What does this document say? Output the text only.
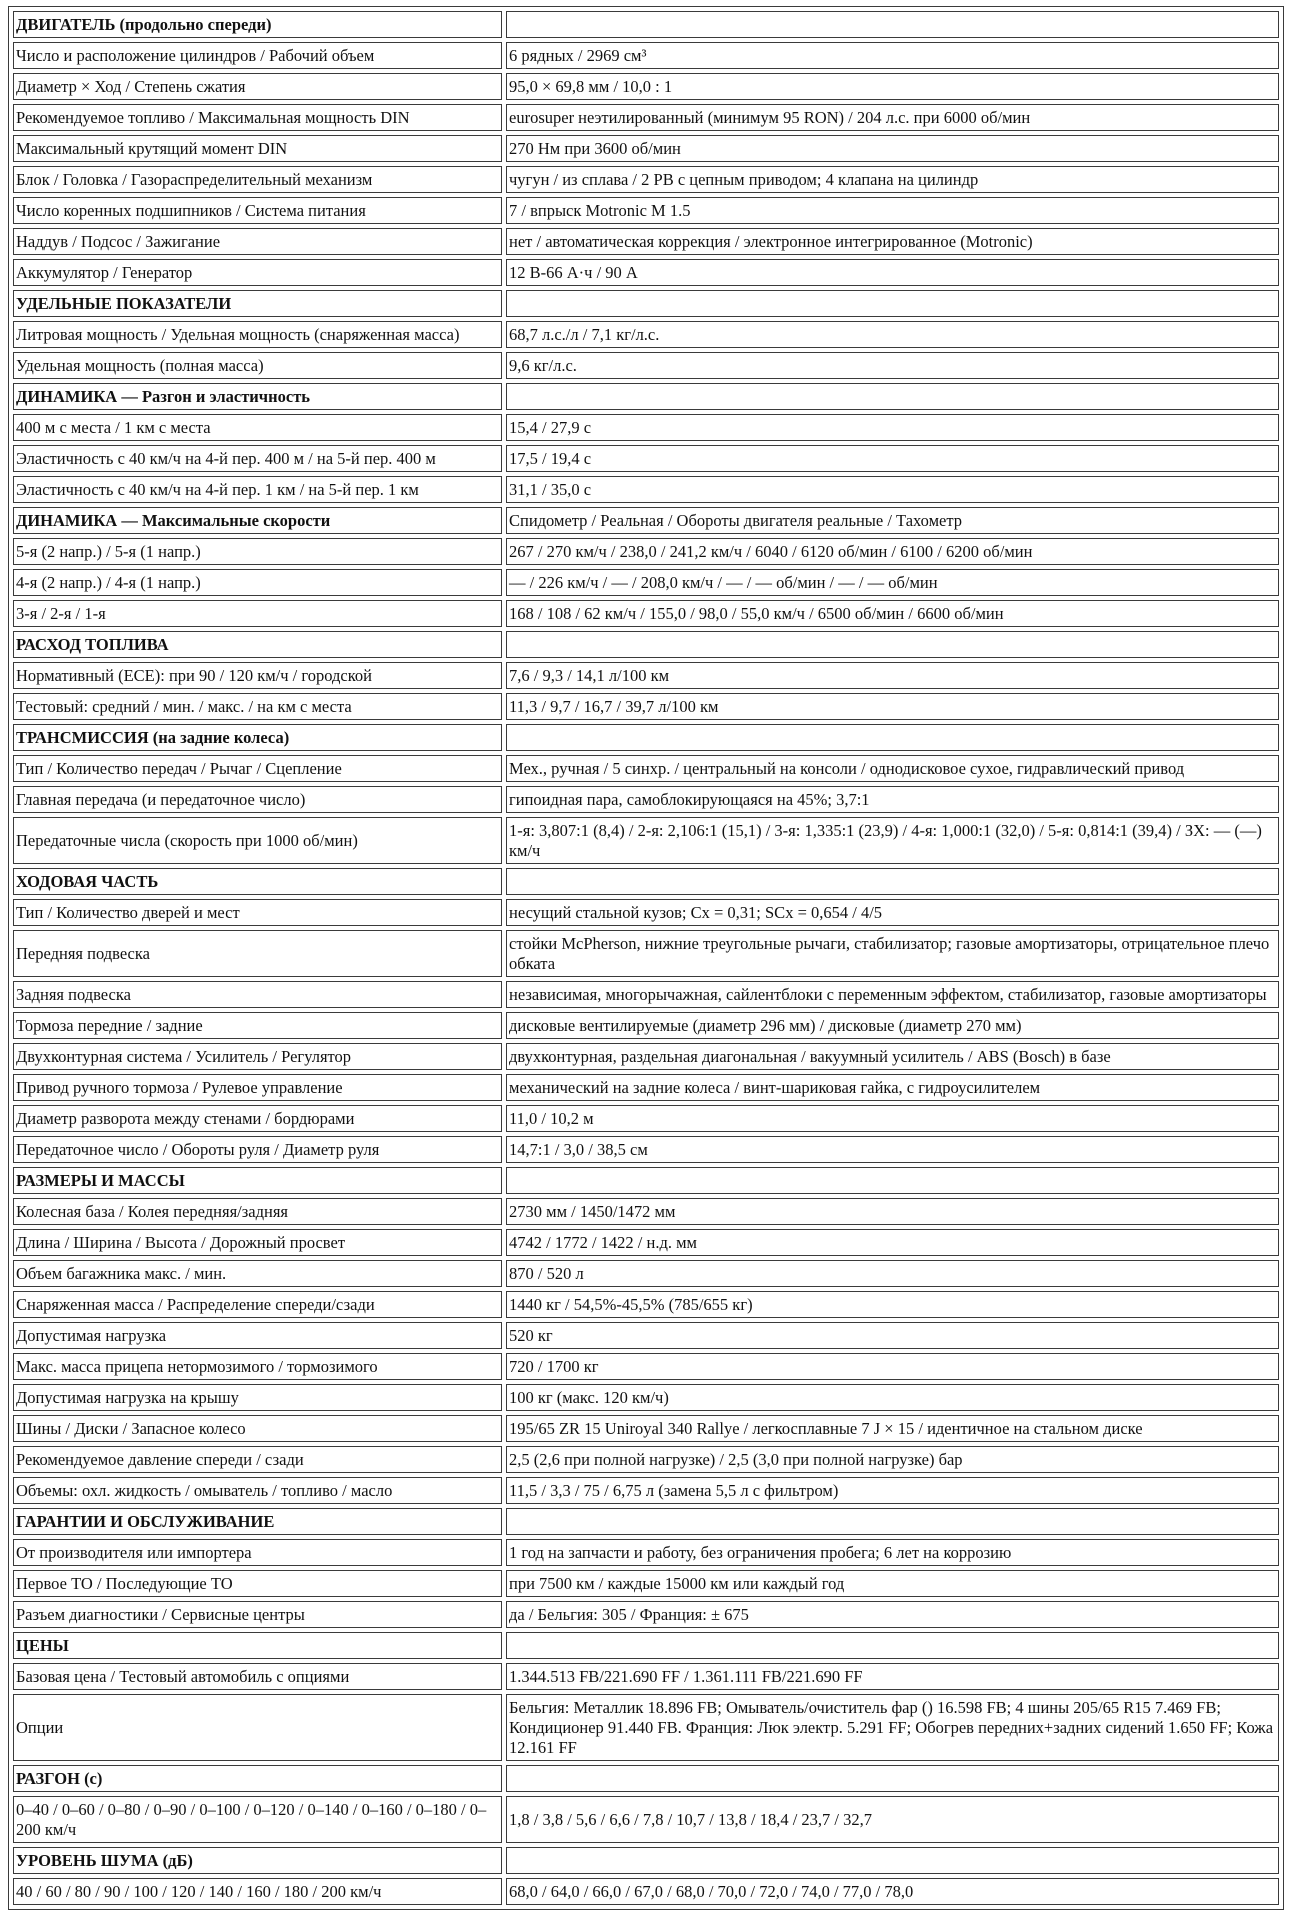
ДВИГАТЕЛЬ (продольно спереди)	
Число и расположение цилиндров / Рабочий объем	6 рядных / 2969 см³
Диаметр × Ход / Степень сжатия	95,0 × 69,8 мм / 10,0 : 1
Рекомендуемое топливо / Максимальная мощность DIN	eurosuper неэтилированный (минимум 95 RON) / 204 л.с. при 6000 об/мин
Максимальный крутящий момент DIN	270 Нм при 3600 об/мин
Блок / Головка / Газораспределительный механизм	чугун / из сплава / 2 РВ с цепным приводом; 4 клапана на цилиндр
Число коренных подшипников / Система питания	7 / впрыск Motronic M 1.5
Наддув / Подсос / Зажигание	нет / автоматическая коррекция / электронное интегрированное (Motronic)
Аккумулятор / Генератор	12 В-66 А·ч / 90 А
УДЕЛЬНЫЕ ПОКАЗАТЕЛИ	
Литровая мощность / Удельная мощность (снаряженная масса)	68,7 л.с./л / 7,1 кг/л.с.
Удельная мощность (полная масса)	9,6 кг/л.с.
ДИНАМИКА — Разгон и эластичность	
400 м с места / 1 км с места	15,4 / 27,9 с
Эластичность с 40 км/ч на 4-й пер. 400 м / на 5-й пер. 400 м	17,5 / 19,4 с
Эластичность с 40 км/ч на 4-й пер. 1 км / на 5-й пер. 1 км	31,1 / 35,0 с
ДИНАМИКА — Максимальные скорости	Спидометр / Реальная / Обороты двигателя реальные / Тахометр
5-я (2 напр.) / 5-я (1 напр.)	267 / 270 км/ч / 238,0 / 241,2 км/ч / 6040 / 6120 об/мин / 6100 / 6200 об/мин
4-я (2 напр.) / 4-я (1 напр.)	— / 226 км/ч / — / 208,0 км/ч / — / — об/мин / — / — об/мин
3-я / 2-я / 1-я	168 / 108 / 62 км/ч / 155,0 / 98,0 / 55,0 км/ч / 6500 об/мин / 6600 об/мин
РАСХОД ТОПЛИВА	
Нормативный (ECE): при 90 / 120 км/ч / городской	7,6 / 9,3 / 14,1 л/100 км
Тестовый: средний / мин. / макс. / на км с места	11,3 / 9,7 / 16,7 / 39,7 л/100 км
ТРАНСМИССИЯ (на задние колеса)	
Тип / Количество передач / Рычаг / Сцепление	Мех., ручная / 5 синхр. / центральный на консоли / однодисковое сухое, гидравлический привод
Главная передача (и передаточное число)	гипоидная пара, самоблокирующаяся на 45%; 3,7:1
Передаточные числа (скорость при 1000 об/мин)	1-я: 3,807:1 (8,4) / 2-я: 2,106:1 (15,1) / 3-я: 1,335:1 (23,9) / 4-я: 1,000:1 (32,0) / 5-я: 0,814:1 (39,4) / ЗХ: — (—) км/ч
ХОДОВАЯ ЧАСТЬ	
Тип / Количество дверей и мест	несущий стальной кузов; Cx = 0,31; SCx = 0,654 / 4/5
Передняя подвеска	стойки McPherson, нижние треугольные рычаги, стабилизатор; газовые амортизаторы, отрицательное плечо обката
Задняя подвеска	независимая, многорычажная, сайлентблоки с переменным эффектом, стабилизатор, газовые амортизаторы
Тормоза передние / задние	дисковые вентилируемые (диаметр 296 мм) / дисковые (диаметр 270 мм)
Двухконтурная система / Усилитель / Регулятор	двухконтурная, раздельная диагональная / вакуумный усилитель / ABS (Bosch) в базе
Привод ручного тормоза / Рулевое управление	механический на задние колеса / винт-шариковая гайка, с гидроусилителем
Диаметр разворота между стенами / бордюрами	11,0 / 10,2 м
Передаточное число / Обороты руля / Диаметр руля	14,7:1 / 3,0 / 38,5 см
РАЗМЕРЫ И МАССЫ	
Колесная база / Колея передняя/задняя	2730 мм / 1450/1472 мм
Длина / Ширина / Высота / Дорожный просвет	4742 / 1772 / 1422 / н.д. мм
Объем багажника макс. / мин.	870 / 520 л
Снаряженная масса / Распределение спереди/сзади	1440 кг / 54,5%-45,5% (785/655 кг)
Допустимая нагрузка	520 кг
Макс. масса прицепа нетормозимого / тормозимого	720 / 1700 кг
Допустимая нагрузка на крышу	100 кг (макс. 120 км/ч)
Шины / Диски / Запасное колесо	195/65 ZR 15 Uniroyal 340 Rallye / легкосплавные 7 J × 15 / идентичное на стальном диске
Рекомендуемое давление спереди / сзади	2,5 (2,6 при полной нагрузке) / 2,5 (3,0 при полной нагрузке) бар
Объемы: охл. жидкость / омыватель / топливо / масло	11,5 / 3,3 / 75 / 6,75 л (замена 5,5 л с фильтром)
ГАРАНТИИ И ОБСЛУЖИВАНИЕ	
От производителя или импортера	1 год на запчасти и работу, без ограничения пробега; 6 лет на коррозию
Первое ТО / Последующие ТО	при 7500 км / каждые 15000 км или каждый год
Разъем диагностики / Сервисные центры	да / Бельгия: 305 / Франция: ± 675
ЦЕНЫ	
Базовая цена / Тестовый автомобиль с опциями	1.344.513 FB/221.690 FF / 1.361.111 FB/221.690 FF
Опции	Бельгия: Металлик 18.896 FB; Омыватель/очиститель фар () 16.598 FB; 4 шины 205/65 R15 7.469 FB; Кондиционер 91.440 FB. Франция: Люк электр. 5.291 FF; Обогрев передних+задних сидений 1.650 FF; Кожа 12.161 FF
РАЗГОН (с)	
0–40 / 0–60 / 0–80 / 0–90 / 0–100 / 0–120 / 0–140 / 0–160 / 0–180 / 0–200 км/ч	1,8 / 3,8 / 5,6 / 6,6 / 7,8 / 10,7 / 13,8 / 18,4 / 23,7 / 32,7
УРОВЕНЬ ШУМА (дБ)	
40 / 60 / 80 / 90 / 100 / 120 / 140 / 160 / 180 / 200 км/ч	68,0 / 64,0 / 66,0 / 67,0 / 68,0 / 70,0 / 72,0 / 74,0 / 77,0 / 78,0
